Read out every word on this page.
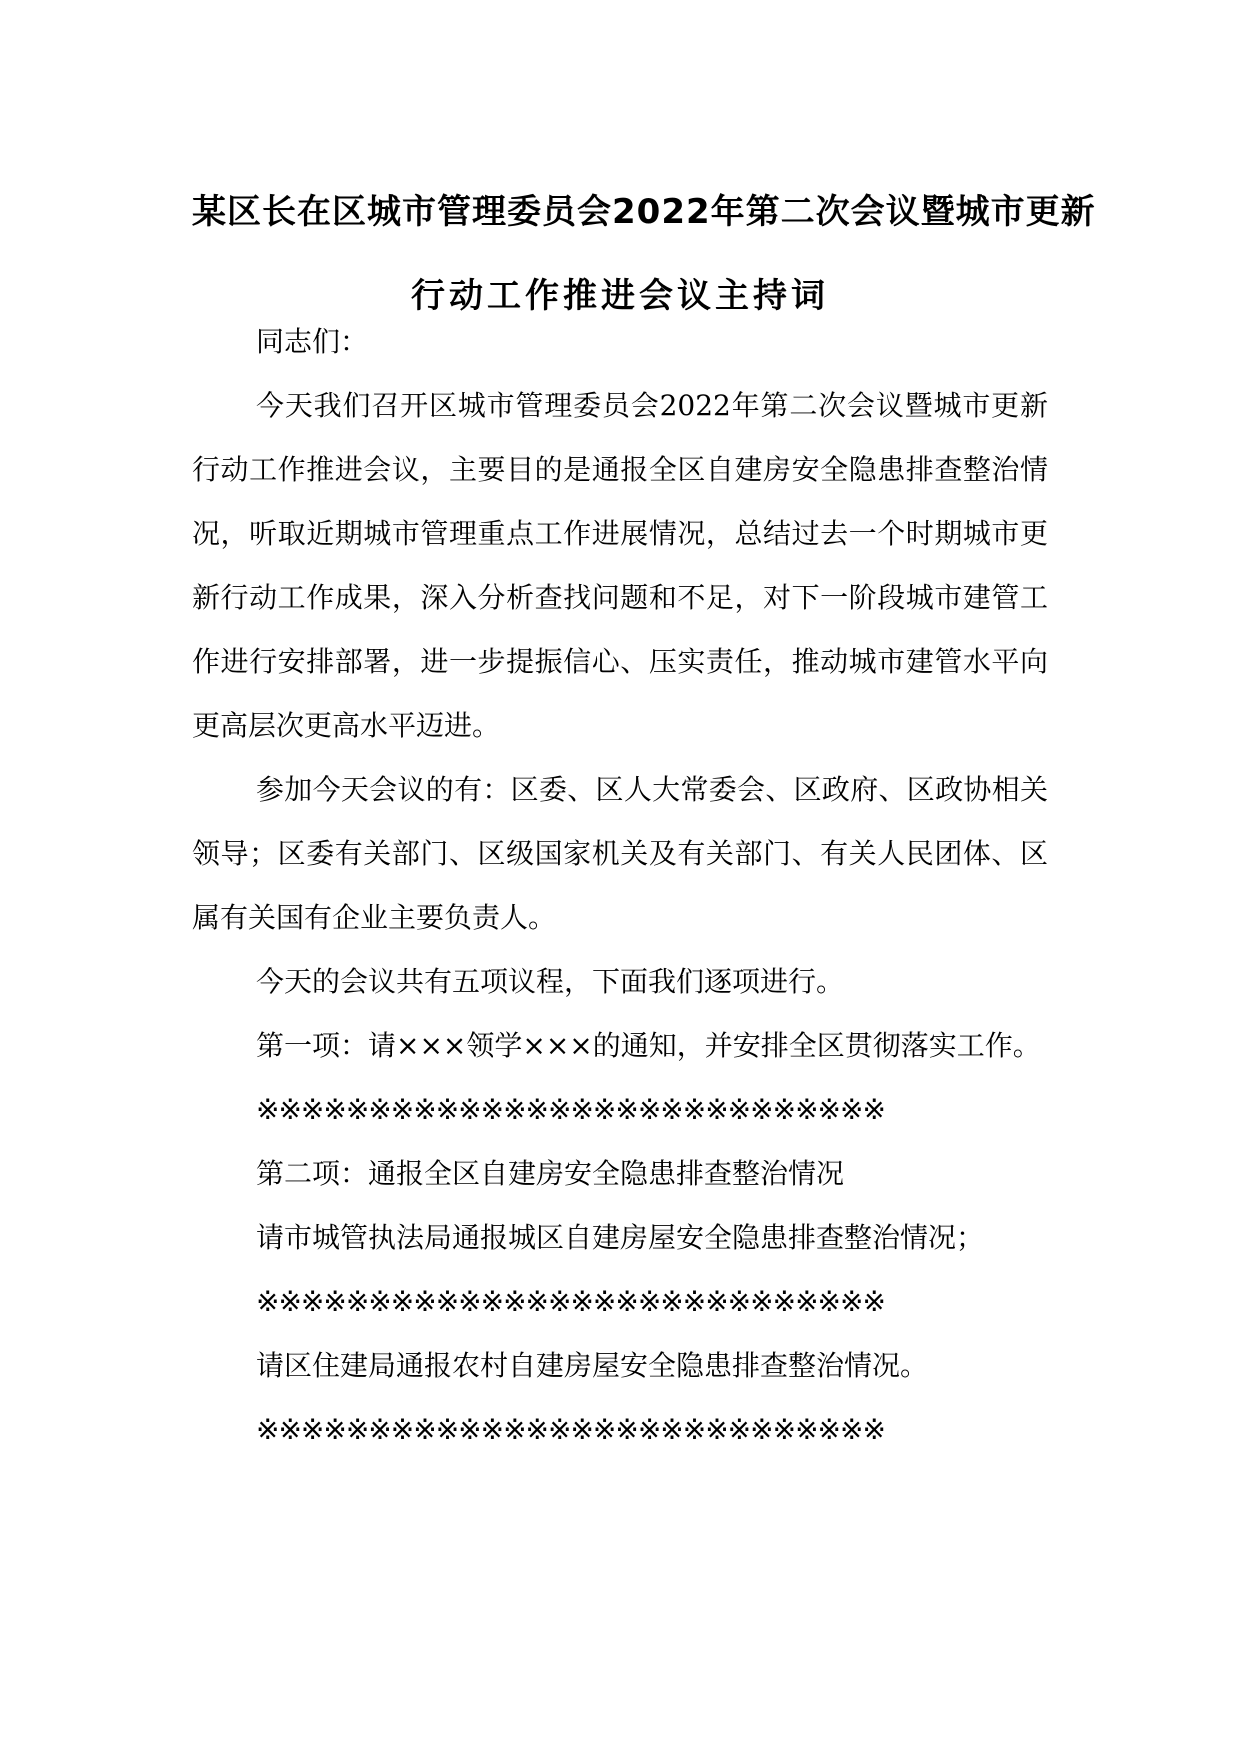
某区长在区城市管理委员会2022年第二次会议暨城市更新
行动工作推进会议主持词

同志们：

今天我们召开区城市管理委员会2022年第二次会议暨城市更新行动工作推进会议，主要目的是通报全区自建房安全隐患排查整治情况，听取近期城市管理重点工作进展情况，总结过去一个时期城市更新行动工作成果，深入分析查找问题和不足，对下一阶段城市建管工作进行安排部署，进一步提振信心、压实责任，推动城市建管水平向更高层次更高水平迈进。

参加今天会议的有：区委、区人大常委会、区政府、区政协相关领导；区委有关部门、区级国家机关及有关部门、有关人民团体、区属有关国有企业主要负责人。

今天的会议共有五项议程，下面我们逐项进行。

第一项：请×××领学×××的通知，并安排全区贯彻落实工作。

※※※※※※※※※※※※※※※※※※※※※※※※※※※※

第二项：通报全区自建房安全隐患排查整治情况

请市城管执法局通报城区自建房屋安全隐患排查整治情况；

※※※※※※※※※※※※※※※※※※※※※※※※※※※※

请区住建局通报农村自建房屋安全隐患排查整治情况。

※※※※※※※※※※※※※※※※※※※※※※※※※※※※
